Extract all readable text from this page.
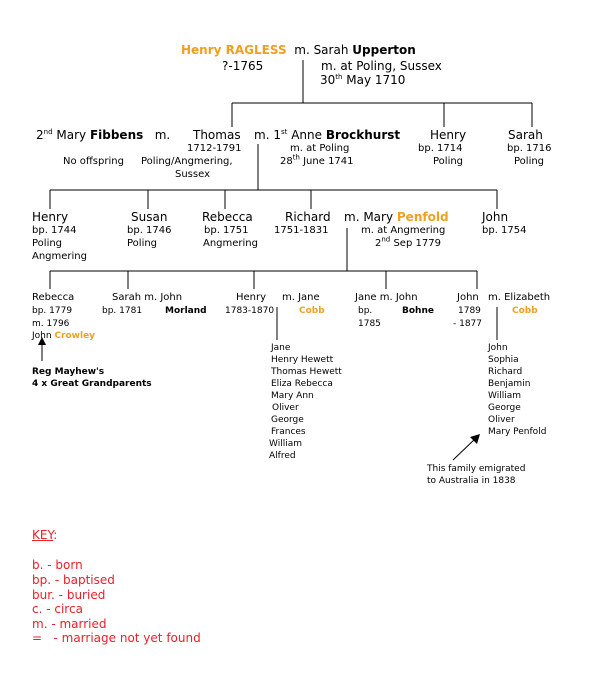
Henry RAGLESS m. Sarah Upperton
?-1765	m. at Poling, Sussex
30th May 1710
2nd Mary Fibbens m.
No offspring
Thomas
1712-1791
Poling/Angmering,
Sussex
m. 1st Anne Brockhurst
m. at Poling
28th June 1741
Henry
bp. 1714
Poling
Sarah
bp. 1716
Poling
Henry
bp. 1744
Poling
Angmering
Susan
bp. 1746
Poling
Rebecca
bp. 1751
Angmering
Richard
1751-1831
m. Mary Penfold
m. at Angmering
2nd Sep 1779
John
bp. 1754
Rebecca
bp. 1779
m. 1796
John Crowley
Sarah m. John
bp. 1781	Morland
Henry
1783-1870
m. Jane
Cobb
Jane m. John
bp.
1785
Bohne
John
1789
- 1877
m. Elizabeth
Cobb
Jane
Henry Hewett
Thomas Hewett
Eliza Rebecca
Mary Ann
Oliver
George
Frances
William
Alfred
John
Sophia
Richard
Benjamin
William
George
Oliver
Mary Penfold
Reg Mayhew's
4 x Great Grandparents
This family emigrated
to Australia in 1838
KEY:
b. - born
bp. - baptised
bur. - buried
c. - circa
m. - married
=   - marriage not yet found
